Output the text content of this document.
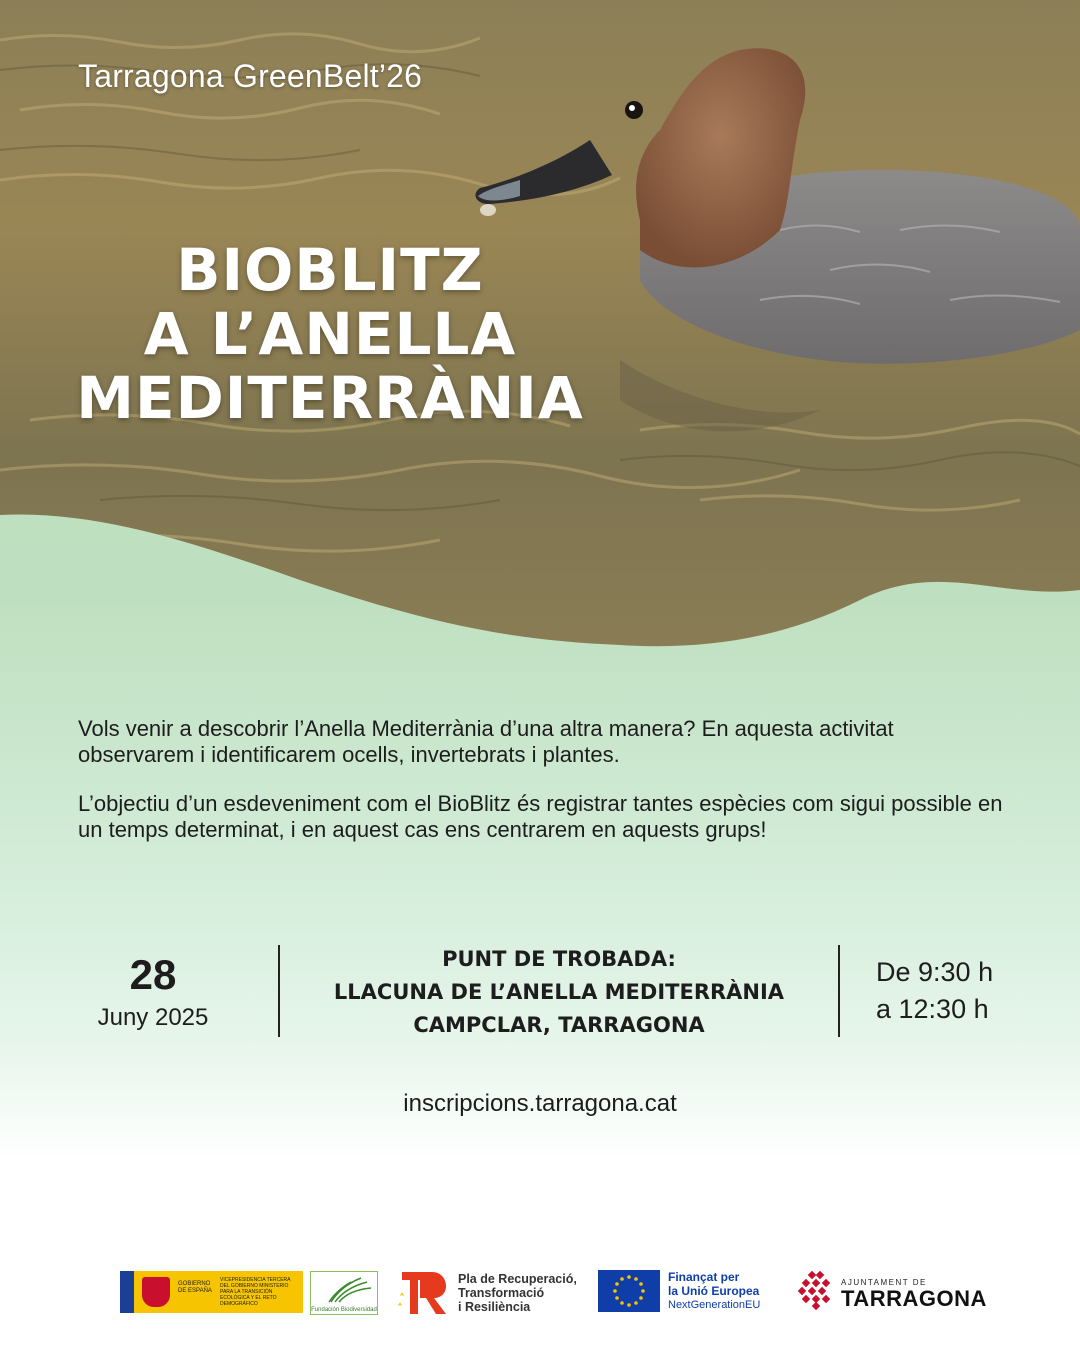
Tarragona GreenBelt’26
BIOBLITZ
A L’ANELLA
MEDITERRÀNIA

Vols venir a descobrir l’Anella Mediterrània d’una altra manera? En aquesta activitat observarem i identificarem ocells, invertebrats i plantes.

L’objectiu d’un esdeveniment com el BioBlitz és registrar tantes espècies com sigui possible en un temps determinat, i en aquest cas ens centrarem en aquests grups!

28
Juny 2025
PUNT DE TROBADA:
LLACUNA DE L’ANELLA MEDITERRÀNIA
CAMPCLAR, TARRAGONA
De 9:30 h
a 12:30 h
inscripcions.tarragona.cat
GOBIERNO DE ESPAÑA
VICEPRESIDENCIA TERCERA DEL GOBIERNO MINISTERIO PARA LA TRANSICIÓN ECOLÓGICA Y EL RETO DEMOGRÁFICO
Fundación Biodiversidad
Pla de Recuperació,
Transformació
i Resiliència
Finançat per
la Unió Europea
NextGenerationEU
AJUNTAMENT DE
TARRAGONA
